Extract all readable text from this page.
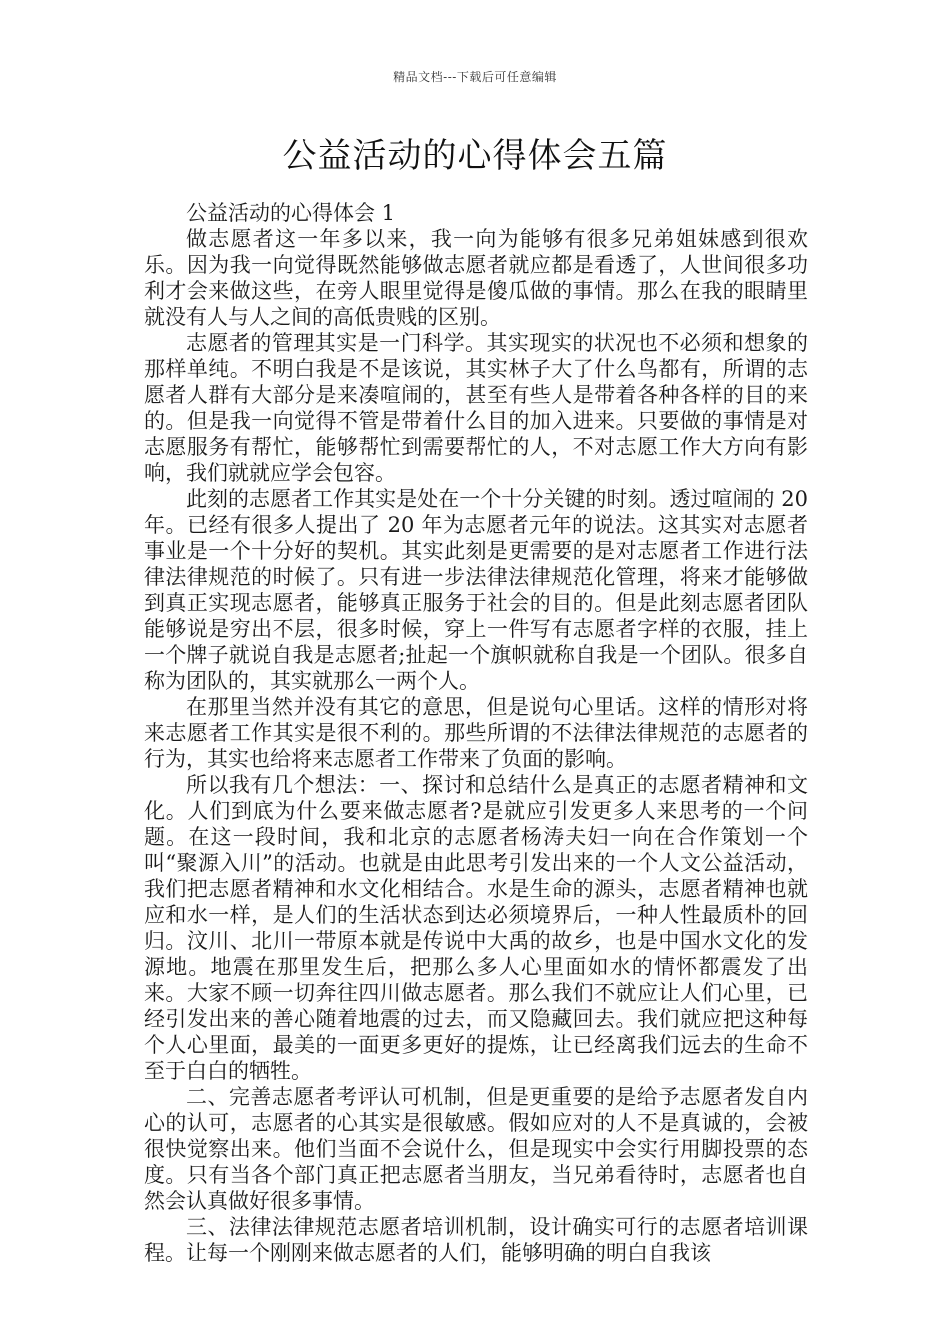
精品文档---下载后可任意编辑
公益活动的心得体会五篇
公益活动的心得体会 1

做志愿者这一年多以来，我一向为能够有很多兄弟姐妹感到很欢乐。因为我一向觉得既然能够做志愿者就应都是看透了，人世间很多功利才会来做这些，在旁人眼里觉得是傻瓜做的事情。那么在我的眼睛里就没有人与人之间的高低贵贱的区别。

志愿者的管理其实是一门科学。其实现实的状况也不必须和想象的那样单纯。不明白我是不是该说，其实林子大了什么鸟都有，所谓的志愿者人群有大部分是来凑喧闹的，甚至有些人是带着各种各样的目的来的。但是我一向觉得不管是带着什么目的加入进来。只要做的事情是对志愿服务有帮忙，能够帮忙到需要帮忙的人，不对志愿工作大方向有影响，我们就就应学会包容。

此刻的志愿者工作其实是处在一个十分关键的时刻。透过喧闹的 20 年。已经有很多人提出了 20 年为志愿者元年的说法。这其实对志愿者事业是一个十分好的契机。其实此刻是更需要的是对志愿者工作进行法律法律规范的时候了。只有进一步法律法律规范化管理，将来才能够做到真正实现志愿者，能够真正服务于社会的目的。但是此刻志愿者团队能够说是穷出不层，很多时候，穿上一件写有志愿者字样的衣服，挂上一个牌子就说自我是志愿者;扯起一个旗帜就称自我是一个团队。很多自称为团队的，其实就那么一两个人。

在那里当然并没有其它的意思，但是说句心里话。这样的情形对将来志愿者工作其实是很不利的。那些所谓的不法律法律规范的志愿者的行为，其实也给将来志愿者工作带来了负面的影响。

所以我有几个想法：一、探讨和总结什么是真正的志愿者精神和文化。人们到底为什么要来做志愿者?是就应引发更多人来思考的一个问题。在这一段时间，我和北京的志愿者杨涛夫妇一向在合作策划一个叫“聚源入川”的活动。也就是由此思考引发出来的一个人文公益活动，我们把志愿者精神和水文化相结合。水是生命的源头，志愿者精神也就应和水一样，是人们的生活状态到达必须境界后，一种人性最质朴的回归。汶川、北川一带原本就是传说中大禹的故乡，也是中国水文化的发源地。地震在那里发生后，把那么多人心里面如水的情怀都震发了出来。大家不顾一切奔往四川做志愿者。那么我们不就应让人们心里，已经引发出来的善心随着地震的过去，而又隐藏回去。我们就应把这种每个人心里面，最美的一面更多更好的提炼，让已经离我们远去的生命不至于白白的牺牲。

二、完善志愿者考评认可机制，但是更重要的是给予志愿者发自内心的认可，志愿者的心其实是很敏感。假如应对的人不是真诚的，会被很快觉察出来。他们当面不会说什么，但是现实中会实行用脚投票的态度。只有当各个部门真正把志愿者当朋友，当兄弟看待时，志愿者也自然会认真做好很多事情。

三、法律法律规范志愿者培训机制，设计确实可行的志愿者培训课程。让每一个刚刚来做志愿者的人们，能够明确的明白自我该
